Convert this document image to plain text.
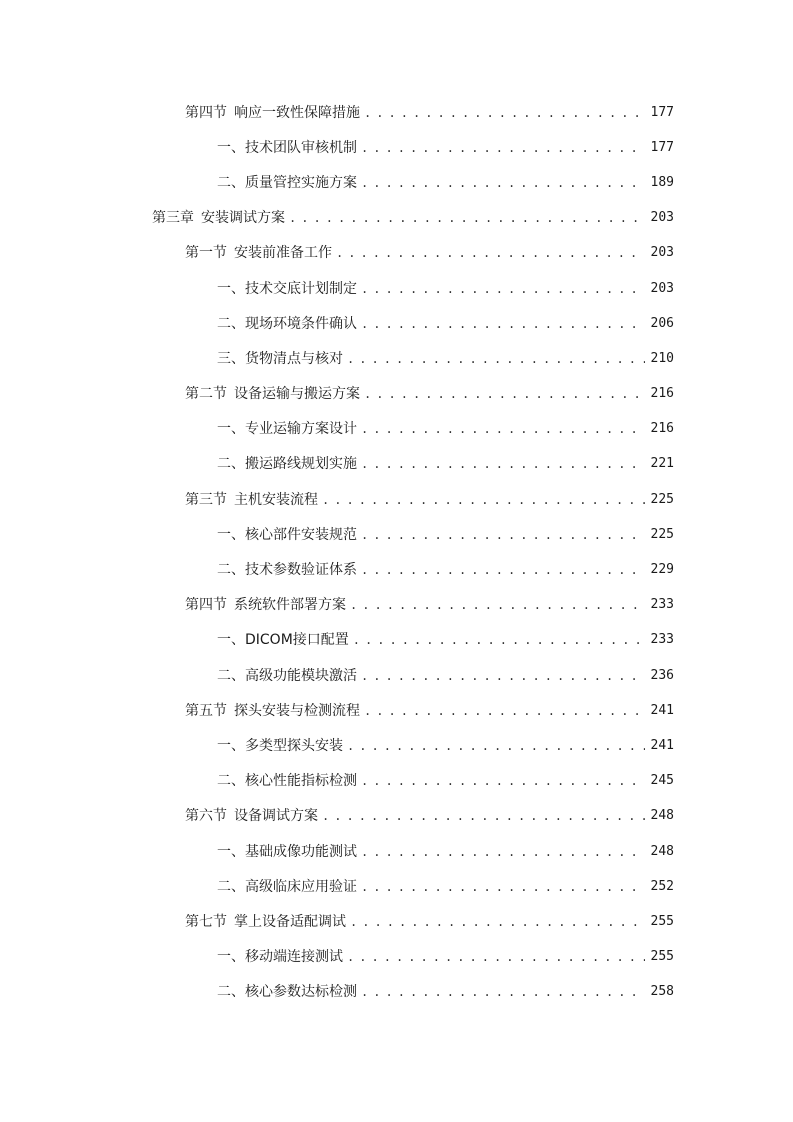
第四节 响应一致性保障措施 . . .	177
一、 技术团队审核机制 . . .	177
二、 质量管控实施方案 . . .	189
第三章 安装调试方案 . . .	203
第一节 安装前准备工作 . . .	203
一、 技术交底计划制定 . . .	203
二、 现场环境条件确认 . . .	206
三、 货物清点与核对 . . .	210
第二节 设备运输与搬运方案 . . .	216
一、 专业运输方案设计 . . .	216
二、 搬运路线规划实施 . . .	221
第三节 主机安装流程 . . .	225
一、 核心部件安装规范 . . .	225
二、 技术参数验证体系 . . .	229
第四节 系统软件部署方案 . . .	233
一、 DICOM接口配置 . . .	233
二、 高级功能模块激活 . . .	236
第五节 探头安装与检测流程 . . .	241
一、 多类型探头安装 . . .	241
二、 核心性能指标检测 . . .	245
第六节 设备调试方案 . . .	248
一、 基础成像功能测试 . . .	248
二、 高级临床应用验证 . . .	252
第七节 掌上设备适配调试 . . .	255
一、 移动端连接测试 . . .	255
二、 核心参数达标检测 . . .	258
